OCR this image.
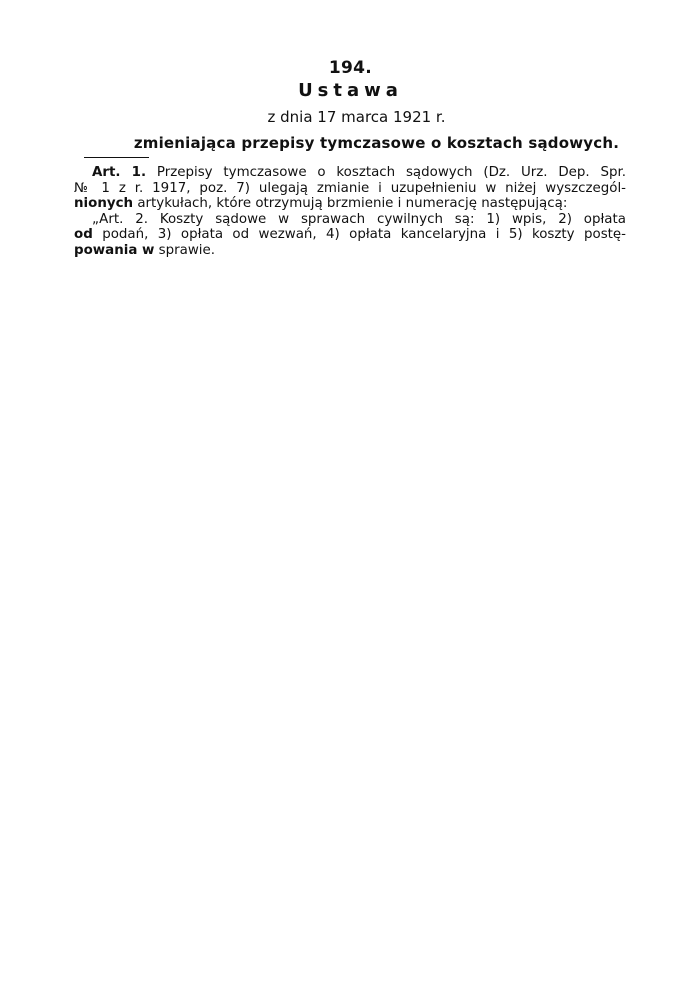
194.
Ustawa
z dnia 17 marca 1921 r.
zmieniająca przepisy tymczasowe o kosztach sądowych.
Art. 1. Przepisy tymczasowe o kosztach sądowych (Dz. Urz. Dep. Spr.
№ 1 z r. 1917, poz. 7) ulegają zmianie i uzupełnieniu w niżej wyszczegól-
nionych artykułach, które otrzymują brzmienie i numerację następującą:
„Art. 2. Koszty sądowe w sprawach cywilnych są: 1) wpis, 2) opłata
od podań, 3) opłata od wezwań, 4) opłata kancelaryjna i 5) koszty postę-
powania w sprawie.
